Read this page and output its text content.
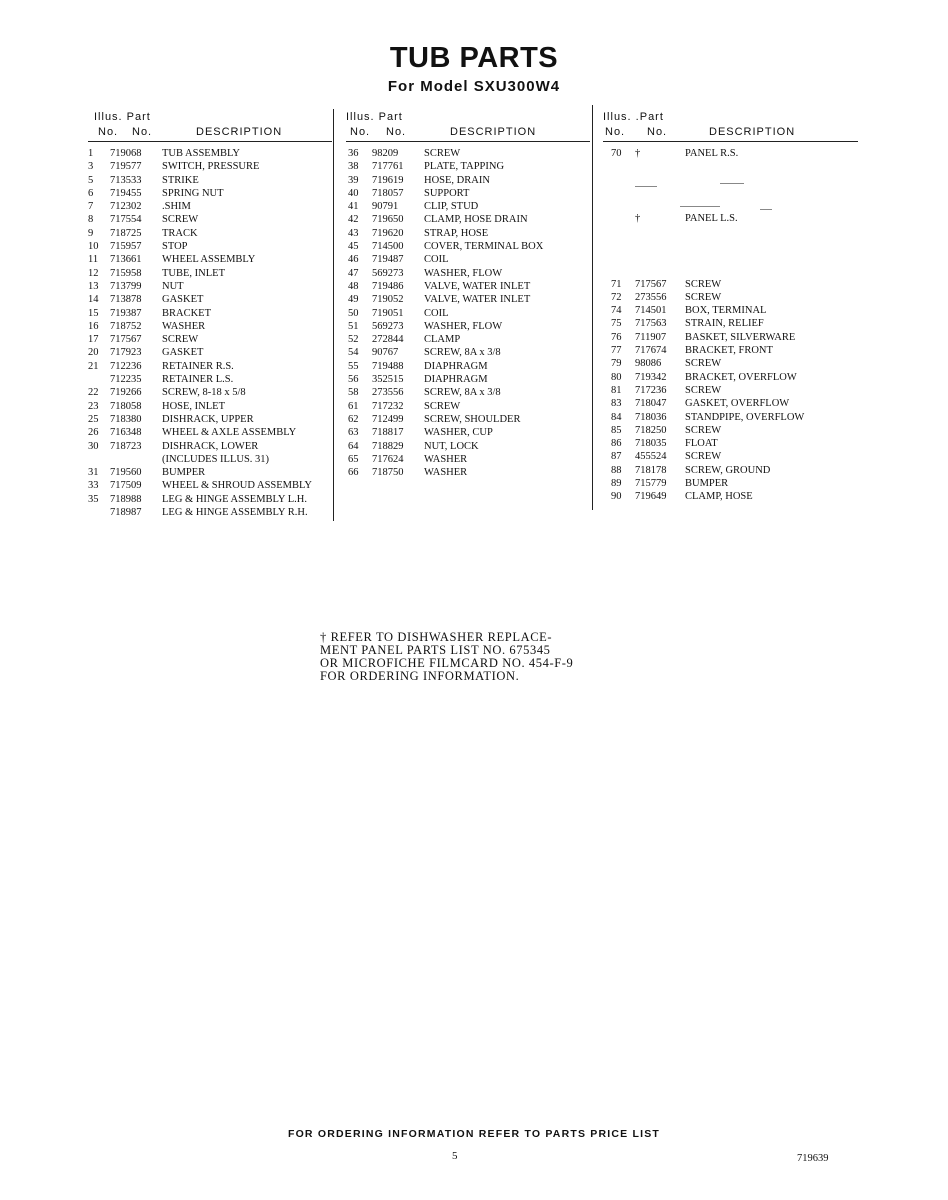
TUB PARTS
For Model SXU300W4
Illus. Part
No. No.	DESCRIPTION
1	719068 TUB ASSEMBLY
3	719577 SWITCH, PRESSURE
5	713533 STRIKE
6	719455 SPRING NUT
7	712302 .SHIM
8	717554 SCREW
9	718725 TRACK
10	715957 STOP
11	713661 WHEEL ASSEMBLY
12	715958 TUBE, INLET
13	713799 NUT
14	713878 GASKET
15	719387 BRACKET
16	718752 WASHER
17	717567 SCREW
20	717923 GASKET
21	712236 RETAINER R.S.
712235 RETAINER L.S.
22	719266 SCREW, 8-18 x 5/8
23	718058 HOSE, INLET
25	718380 DISHRACK, UPPER
26	716348 WHEEL & AXLE ASSEMBLY
30	718723 DISHRACK, LOWER
(INCLUDES ILLUS. 31)
31	719560 BUMPER
33	717509 WHEEL & SHROUD ASSEMBLY
35	718988 LEG & HINGE ASSEMBLY L.H.
718987 LEG & HINGE ASSEMBLY R.H.
Illus. Part
No. No.	DESCRIPTION
36	98209 SCREW
38	717761 PLATE, TAPPING
39	719619 HOSE, DRAIN
40	718057 SUPPORT
41	90791 CLIP, STUD
42	719650 CLAMP, HOSE DRAIN
43	719620 STRAP, HOSE
45	714500 COVER, TERMINAL BOX
46	719487 COIL
47	569273 WASHER, FLOW
48	719486 VALVE, WATER INLET
49	719052 VALVE, WATER INLET
50	719051 COIL
51	569273 WASHER, FLOW
52	272844 CLAMP
54	90767 SCREW, 8A x 3/8
55	719488 DIAPHRAGM
56	352515 DIAPHRAGM
58	273556 SCREW, 8A x 3/8
61	717232 SCREW
62	712499 SCREW, SHOULDER
63	718817 WASHER, CUP
64	718829 NUT, LOCK
65	717624 WASHER
66	718750 WASHER
Illus. .Part
No. No.	DESCRIPTION
70	†	PANEL R.S.
†	PANEL L.S.
71	717567 SCREW
72	273556 SCREW
74	714501 BOX, TERMINAL
75	717563 STRAIN, RELIEF
76	711907 BASKET, SILVERWARE
77	717674 BRACKET, FRONT
79	98086 SCREW
80	719342 BRACKET, OVERFLOW
81	717236 SCREW
83	718047 GASKET, OVERFLOW
84	718036 STANDPIPE, OVERFLOW
85	718250 SCREW
86	718035 FLOAT
87	455524 SCREW
88	718178 SCREW, GROUND
89	715779 BUMPER
90	719649 CLAMP, HOSE
† REFER TO DISHWASHER REPLACE-
MENT PANEL PARTS LIST NO. 675345
OR MICROFICHE FILMCARD NO. 454-F-9
FOR ORDERING INFORMATION.
FOR ORDERING INFORMATION REFER TO PARTS PRICE LIST
5	719639
